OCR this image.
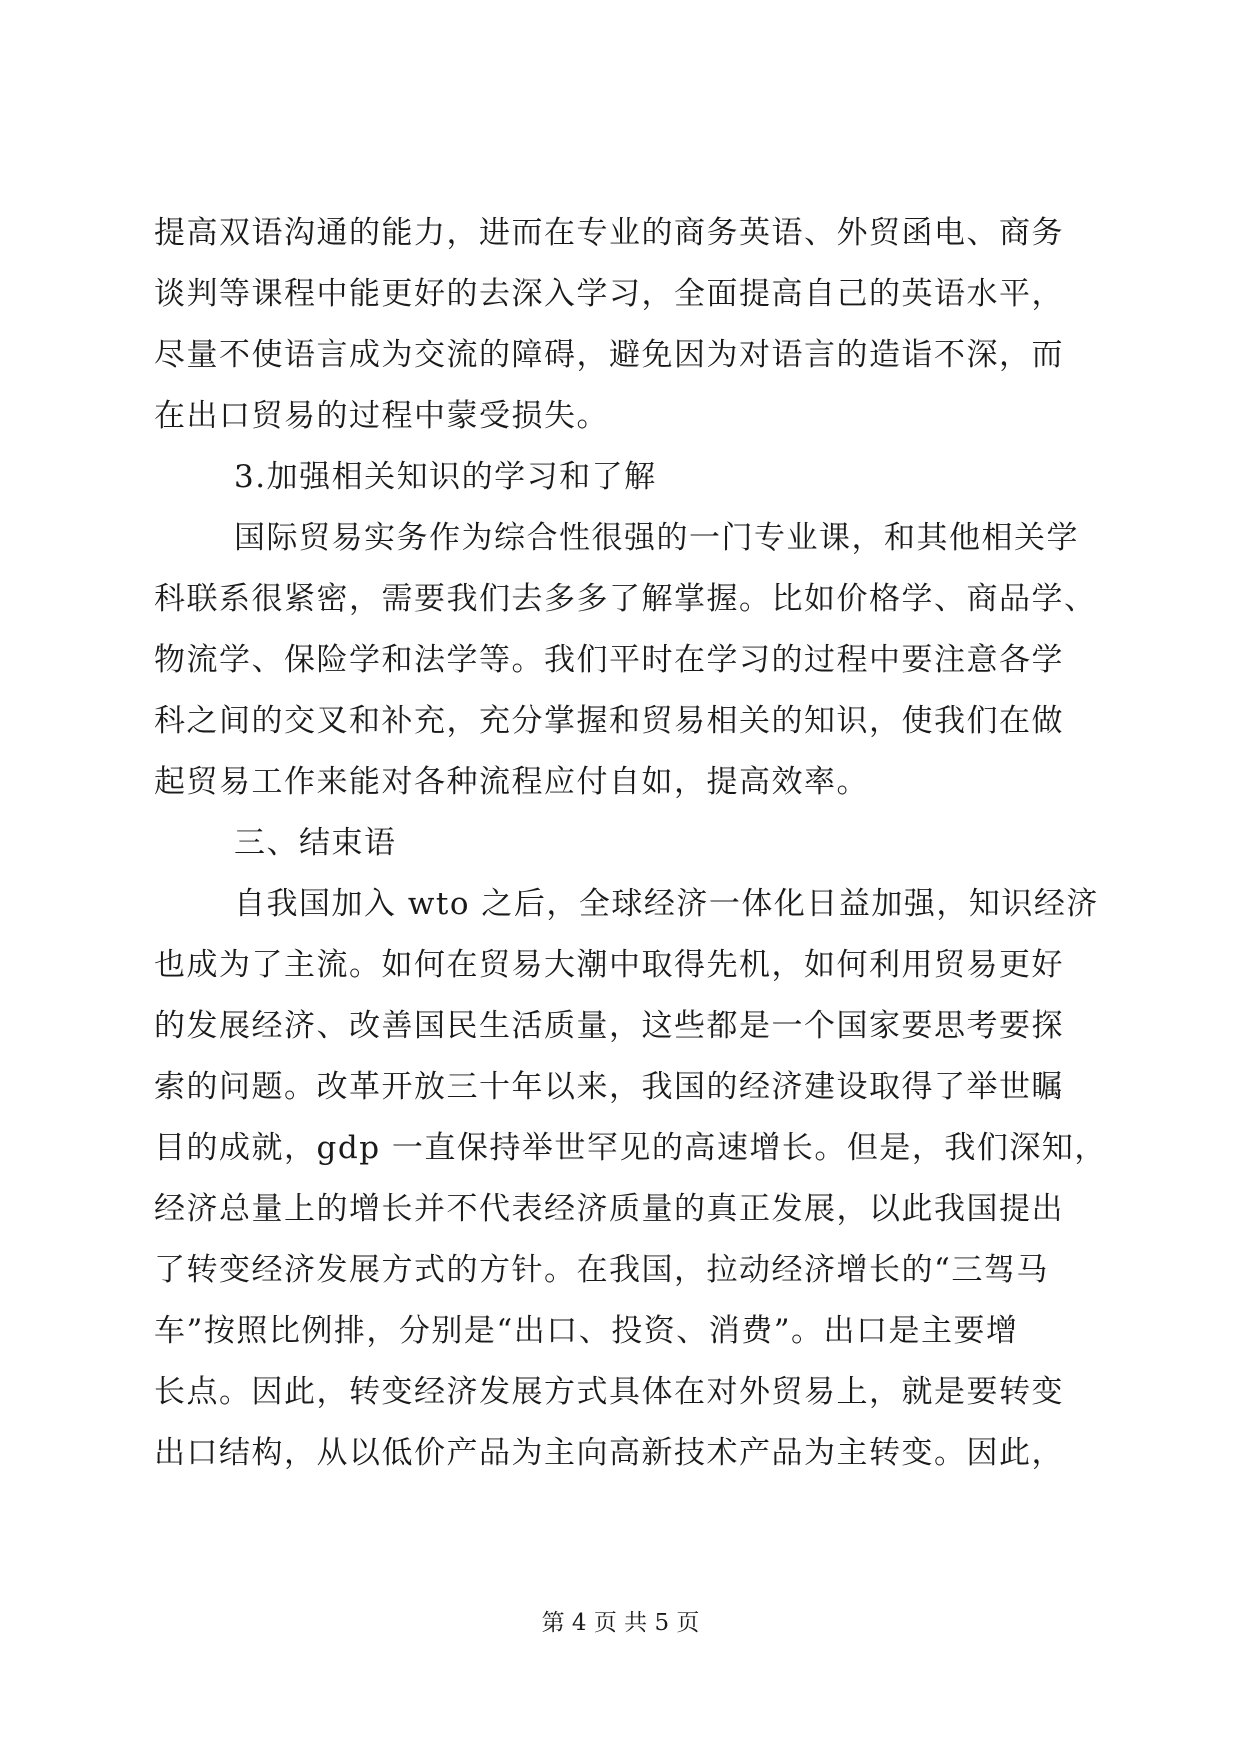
提高双语沟通的能力，进而在专业的商务英语、外贸函电、商务
谈判等课程中能更好的去深入学习，全面提高自己的英语水平，
尽量不使语言成为交流的障碍，避免因为对语言的造诣不深，而
在出口贸易的过程中蒙受损失。
3.加强相关知识的学习和了解
国际贸易实务作为综合性很强的一门专业课，和其他相关学
科联系很紧密，需要我们去多多了解掌握。比如价格学、商品学、
物流学、保险学和法学等。我们平时在学习的过程中要注意各学
科之间的交叉和补充，充分掌握和贸易相关的知识，使我们在做
起贸易工作来能对各种流程应付自如，提高效率。
三、结束语
自我国加入 wto 之后，全球经济一体化日益加强，知识经济
也成为了主流。如何在贸易大潮中取得先机，如何利用贸易更好
的发展经济、改善国民生活质量，这些都是一个国家要思考要探
索的问题。改革开放三十年以来，我国的经济建设取得了举世瞩
目的成就，gdp 一直保持举世罕见的高速增长。但是，我们深知，
经济总量上的增长并不代表经济质量的真正发展，以此我国提出
了转变经济发展方式的方针。在我国，拉动经济增长的“三驾马
车”按照比例排，分别是“出口、投资、消费”。出口是主要增
长点。因此，转变经济发展方式具体在对外贸易上，就是要转变
出口结构，从以低价产品为主向高新技术产品为主转变。因此，
第 4 页 共 5 页
